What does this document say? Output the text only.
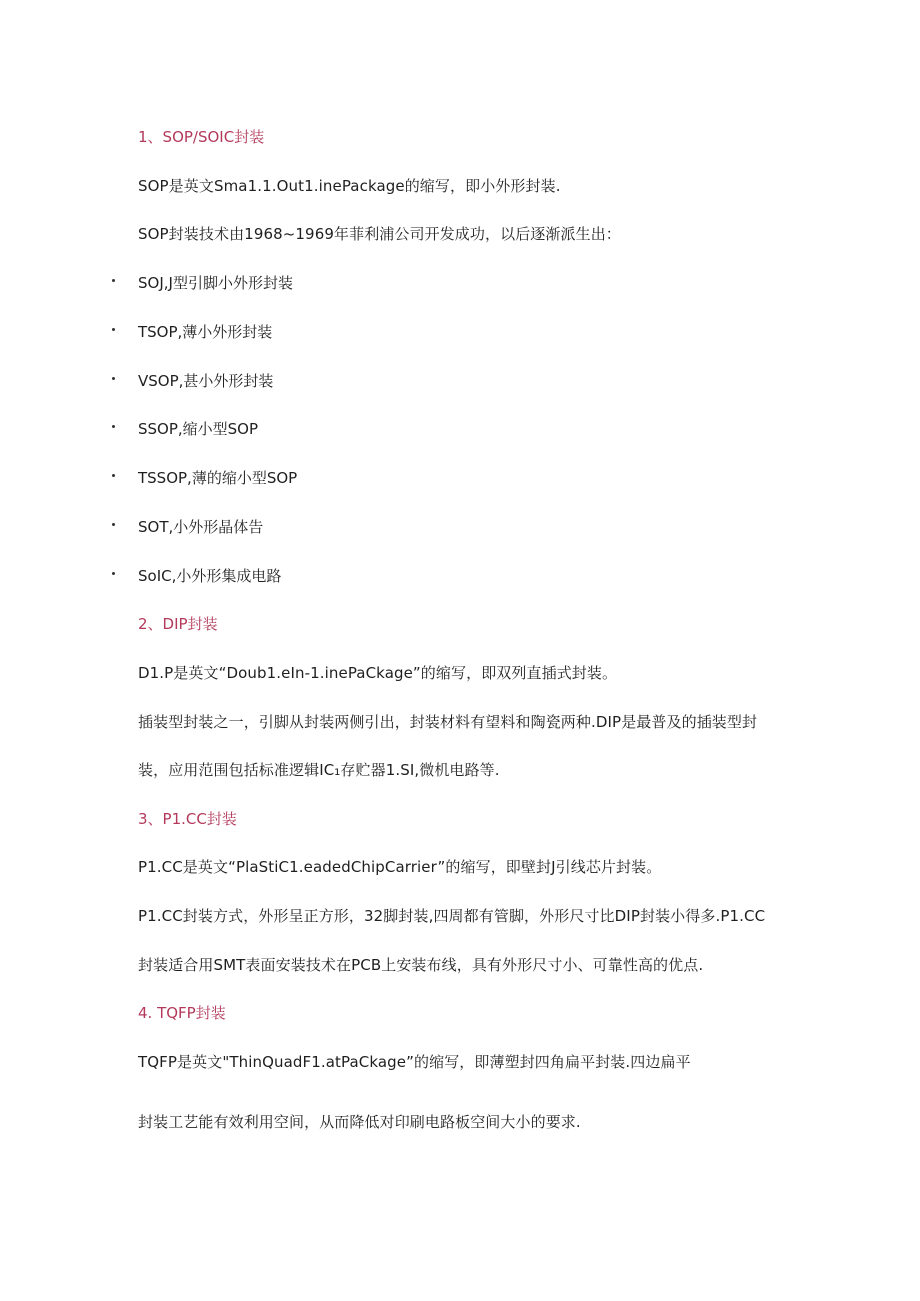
1、SOP/SOIC封装
SOP是英文Sma1.1.Out1.inePackage的缩写，即小外形封装.
SOP封装技术由1968~1969年菲利浦公司开发成功，以后逐渐派生出：
SOJ,J型引脚小外形封装
TSOP,薄小外形封装
VSOP,甚小外形封装
SSOP,缩小型SOP
TSSOP,薄的缩小型SOP
SOT,小外形晶体告
SoIC,小外形集成电路
2、DIP封装
D1.P是英文“Doub1.eIn-1.inePaCkage”的缩写，即双列直插式封装。
插装型封装之一，引脚从封装两侧引出，封装材料有望料和陶瓷两种.DIP是最普及的插装型封
装，应用范围包括标准逻辑IC₁存贮器1.SI,微机电路等.
3、P1.CC封装
P1.CC是英文“PlaStiC1.eadedChipCarrier”的缩写，即壁封J引线芯片封装。
P1.CC封装方式，外形呈正方形，32脚封装,四周都有管脚，外形尺寸比DIP封装小得多.P1.CC
封装适合用SMT表面安装技术在PCB上安装布线，具有外形尺寸小、可靠性高的优点.
4. TQFP封装
TQFP是英文"ThinQuadF1.atPaCkage”的缩写，即薄塑封四角扁平封装.四边扁平
封装工艺能有效利用空间，从而降低对印刷电路板空间大小的要求.
